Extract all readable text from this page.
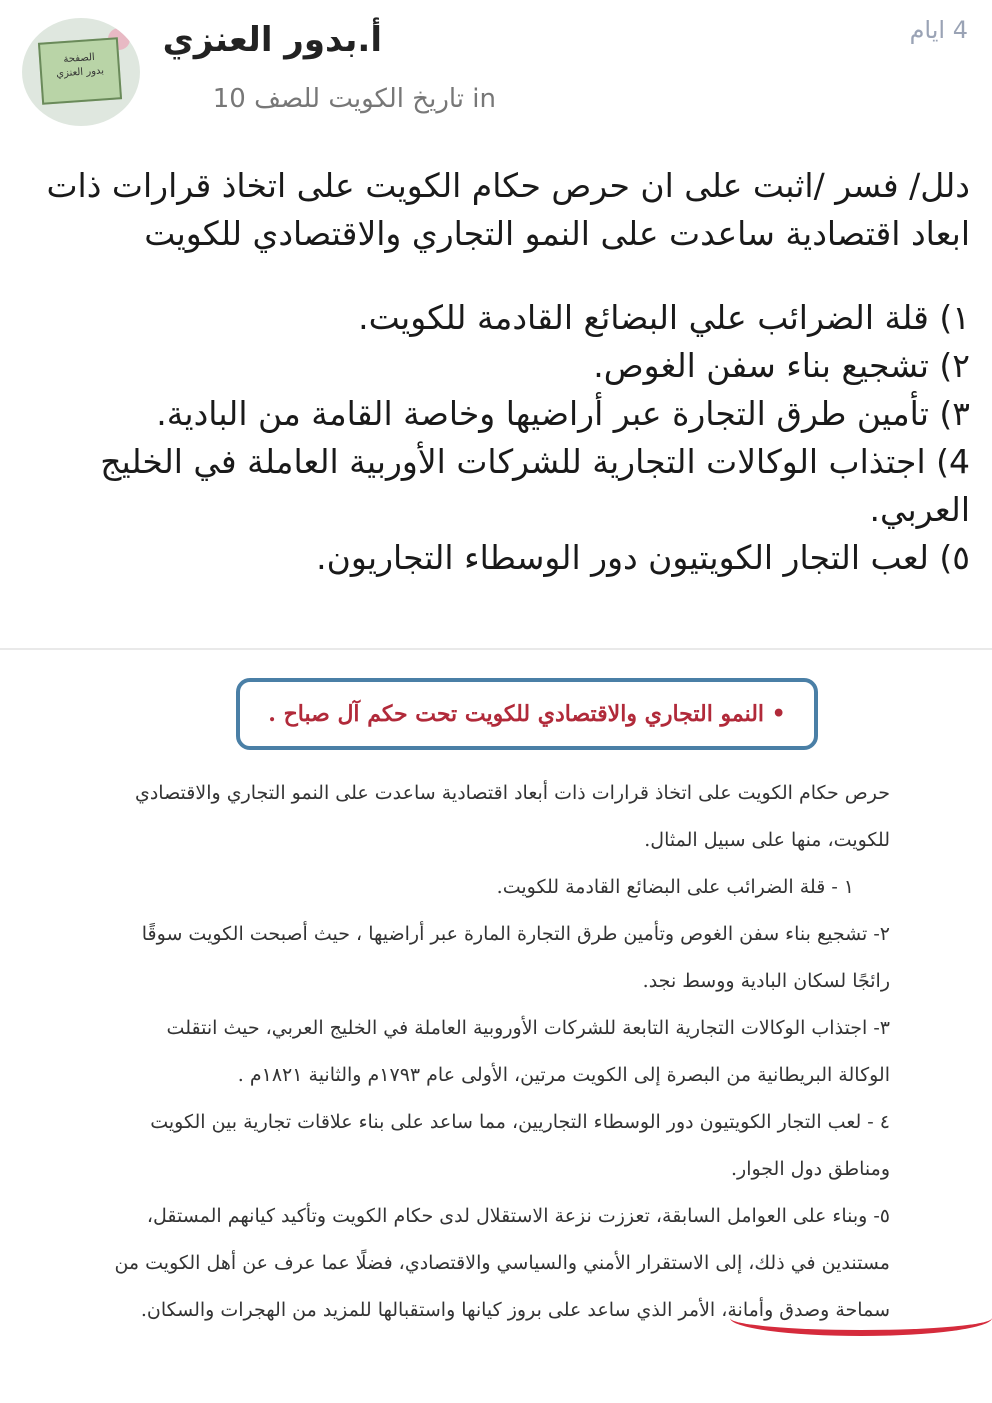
الصفحة
بدور العنزي
أ.بدور العنزي
in تاريخ الكويت للصف 10
4 ايام

دلل/ فسر /اثبت على ان حرص حكام الكويت على اتخاذ قرارات ذات ابعاد اقتصادية ساعدت على النمو التجاري والاقتصادي للكويت

١) قلة الضرائب علي البضائع القادمة للكويت.
٢) تشجيع بناء سفن الغوص.
٣) تأمين طرق التجارة عبر أراضيها وخاصة القامة من البادية.
4) اجتذاب الوكالات التجارية للشركات الأوربية العاملة في الخليج العربي.
٥) لعب التجار الكويتيون دور الوسطاء التجاريون.
• النمو التجاري والاقتصادي للكويت تحت حكم آل صباح .

حرص حكام الكويت على اتخاذ قرارات ذات أبعاد اقتصادية ساعدت على النمو التجاري والاقتصادي للكويت، منها على سبيل المثال.

١ - قلة الضرائب على البضائع القادمة للكويت.

٢- تشجيع بناء سفن الغوص وتأمين طرق التجارة المارة عبر أراضيها ، حيث أصبحت الكويت سوقًا رائجًا لسكان البادية ووسط نجد.

٣- اجتذاب الوكالات التجارية التابعة للشركات الأوروبية العاملة في الخليج العربي، حيث انتقلت الوكالة البريطانية من البصرة إلى الكويت مرتين، الأولى عام ١٧٩٣م والثانية ١٨٢١م .

٤ - لعب التجار الكويتيون دور الوسطاء التجاريين، مما ساعد على بناء علاقات تجارية بين الكويت ومناطق دول الجوار.

٥- وبناء على العوامل السابقة، تعززت نزعة الاستقلال لدى حكام الكويت وتأكيد كيانهم المستقل، مستندين في ذلك، إلى الاستقرار الأمني والسياسي والاقتصادي، فضلًا عما عرف عن أهل الكويت من سماحة وصدق وأمانة، الأمر الذي ساعد على بروز كيانها واستقبالها للمزيد من الهجرات والسكان.
